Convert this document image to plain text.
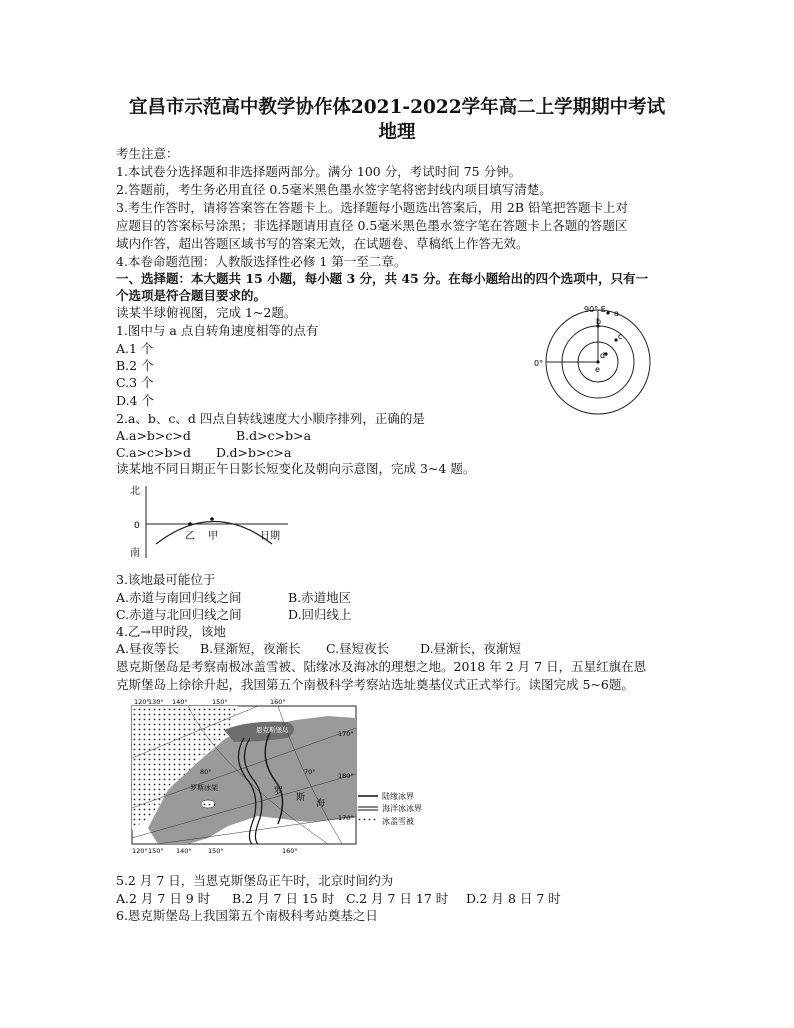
宜昌市示范高中教学协作体2021-2022学年高二上学期期中考试
地理
考生注意：
1.本试卷分选择题和非选择题两部分。满分 100 分，考试时间 75 分钟。
2.答题前，考生务必用直径 0.5毫米黑色墨水签字笔将密封线内项目填写清楚。
3.考生作答时，请将答案答在答题卡上。选择题每小题选出答案后，用 2B 铅笔把答题卡上对
应题目的答案标号涂黑；非选择题请用直径 0.5毫米黑色墨水签字笔在答题卡上各题的答题区
域内作答，超出答题区域书写的答案无效，在试题卷、草稿纸上作答无效。
4.本卷命题范围：人教版选择性必修 1 第一至二章。
一、选择题：本大题共 15 小题，每小题 3 分，共 45 分。在每小题给出的四个选项中，只有一
个选项是符合题目要求的。
读某半球俯视图，完成 1~2题。
1.图中与 a 点自转角速度相等的点有
A.1 个
B.2 个
C.3 个
D.4 个
2.a、b、c、d 四点自转线速度大小顺序排列，正确的是
A.a>b>c>d	B.d>c>b>a
C.a>c>b>d D.d>b>c>a
90° E
0°
a
b
c
d
e
读某地不同日期正午日影长短变化及朝向示意图，完成 3~4 题。
北
0
南
乙 甲	日期
3.该地最可能位于
A.赤道与南回归线之间	B.赤道地区
C.赤道与北回归线之间	D.回归线上
4.乙→甲时段，该地
A.昼夜等长 B.昼渐短，夜渐长 C.昼短夜长 D.昼渐长，夜渐短
恩克斯堡岛是考察南极冰盖雪被、陆缘冰及海冰的理想之地。2018 年 2 月 7 日，五星红旗在恩
克斯堡岛上徐徐升起，我国第五个南极科学考察站选址奠基仪式正式举行。读图完成 5~6题。
120°
130° 140°	150°	160°
120° 150° 140°	150°	160°
170°
180°
170°
80°	70°
恩克斯堡岛
罗斯冰架	罗
斯
海
陆缘冰界
海洋冰冰界
冰盖雪被
5.2 月 7 日，当恩克斯堡岛正午时，北京时间约为
A.2 月 7 日 9 时 B.2 月 7 日 15 时 C.2 月 7 日 17 时 D.2 月 8 日 7 时
6.恩克斯堡岛上我国第五个南极科考站奠基之日
